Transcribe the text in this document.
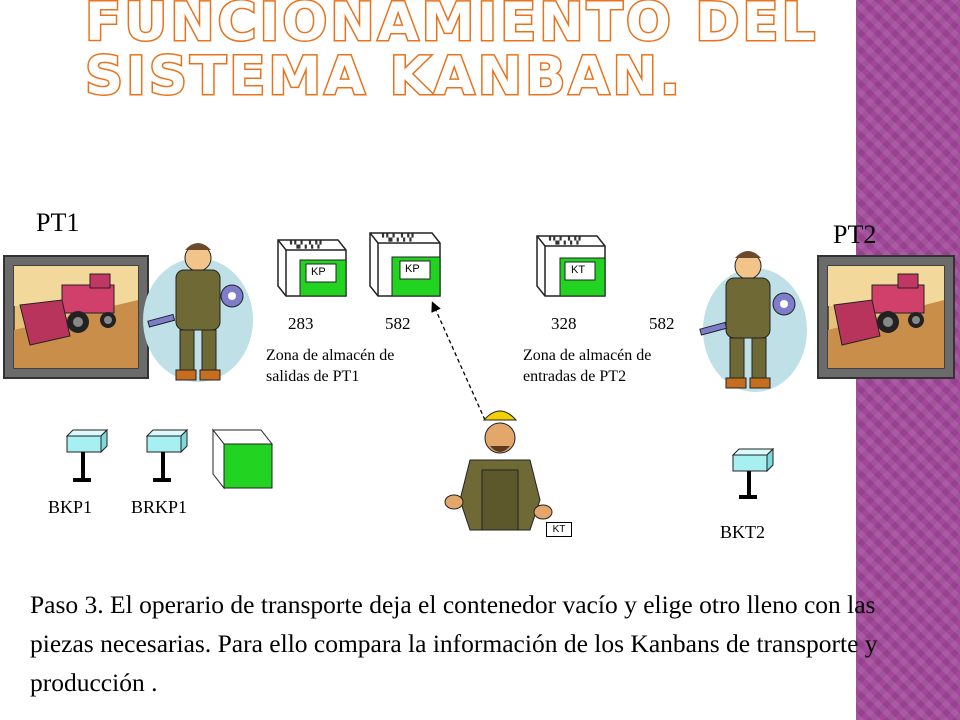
FUNCIONAMIENTO DEL
SISTEMA KANBAN.
PT1	PT2
▘▚▞▗▝▖▚▘
▘▚▞▗▝▖▚▘	▘▚▞▗▝▖▚▘
KP	KP	KT
283	582	328	582
Zona de almacén de
salidas de PT1
Zona de almacén de
entradas de PT2
KT
BKP1 BRKP1
BKT2
Paso 3. El operario de transporte deja el contenedor vacío y elige otro lleno con las piezas necesarias. Para ello compara la información de los Kanbans de transporte y producción .
